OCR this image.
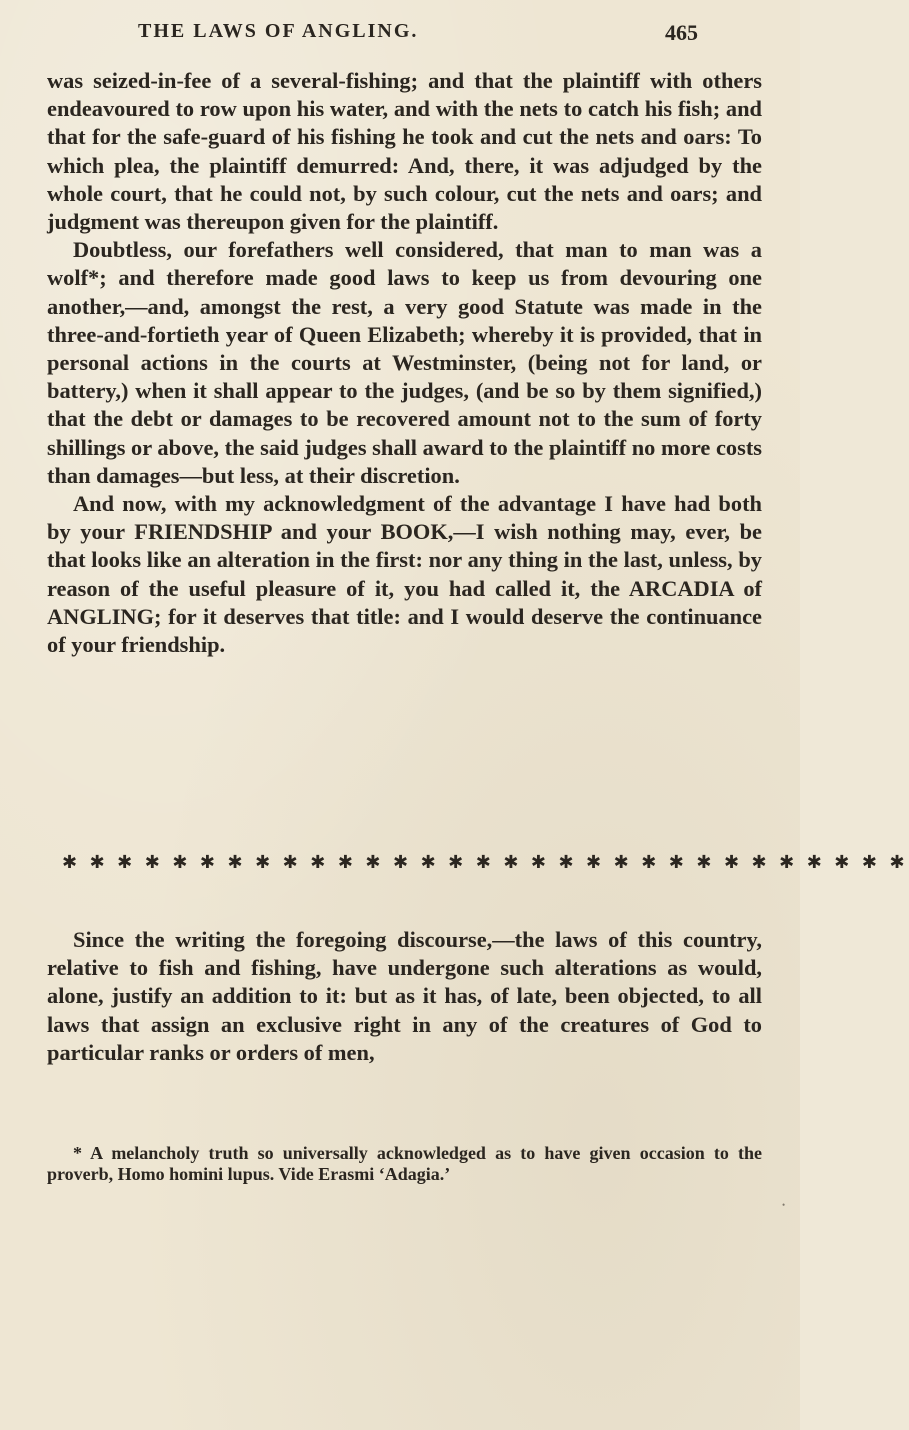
THE LAWS OF ANGLING.	465

was seized-in-fee of a several-fishing; and that the plaintiff with others endeavoured to row upon his water, and with the nets to catch his fish; and that for the safe-guard of his fishing he took and cut the nets and oars: To which plea, the plaintiff demurred: And, there, it was adjudged by the whole court, that he could not, by such colour, cut the nets and oars; and judgment was thereupon given for the plaintiff.

Doubtless, our forefathers well considered, that man to man was a wolf*; and therefore made good laws to keep us from devouring one another,—and, amongst the rest, a very good Statute was made in the three-and-fortieth year of Queen Elizabeth; whereby it is provided, that in personal actions in the courts at Westminster, (being not for land, or battery,) when it shall appear to the judges, (and be so by them signified,) that the debt or damages to be recovered amount not to the sum of forty shillings or above, the said judges shall award to the plaintiff no more costs than damages—but less, at their discretion.

And now, with my acknowledgment of the advantage I have had both by your FRIENDSHIP and your BOOK,—I wish nothing may, ever, be that looks like an alteration in the first: nor any thing in the last, unless, by reason of the useful pleasure of it, you had called it, the ARCADIA of ANGLING; for it deserves that title: and I would deserve the continuance of your friendship.

✱ ✱ ✱ ✱ ✱ ✱ ✱ ✱ ✱ ✱ ✱ ✱ ✱ ✱ ✱ ✱ ✱ ✱ ✱ ✱ ✱ ✱ ✱ ✱ ✱ ✱ ✱ ✱ ✱ ✱ ✱

Since the writing the foregoing discourse,—the laws of this country, relative to fish and fishing, have undergone such alterations as would, alone, justify an addition to it: but as it has, of late, been objected, to all laws that assign an exclusive right in any of the creatures of God to particular ranks or orders of men,

* A melancholy truth so universally acknowledged as to have given occasion to the proverb, Homo homini lupus. Vide Erasmi ‘Adagia.’

•
